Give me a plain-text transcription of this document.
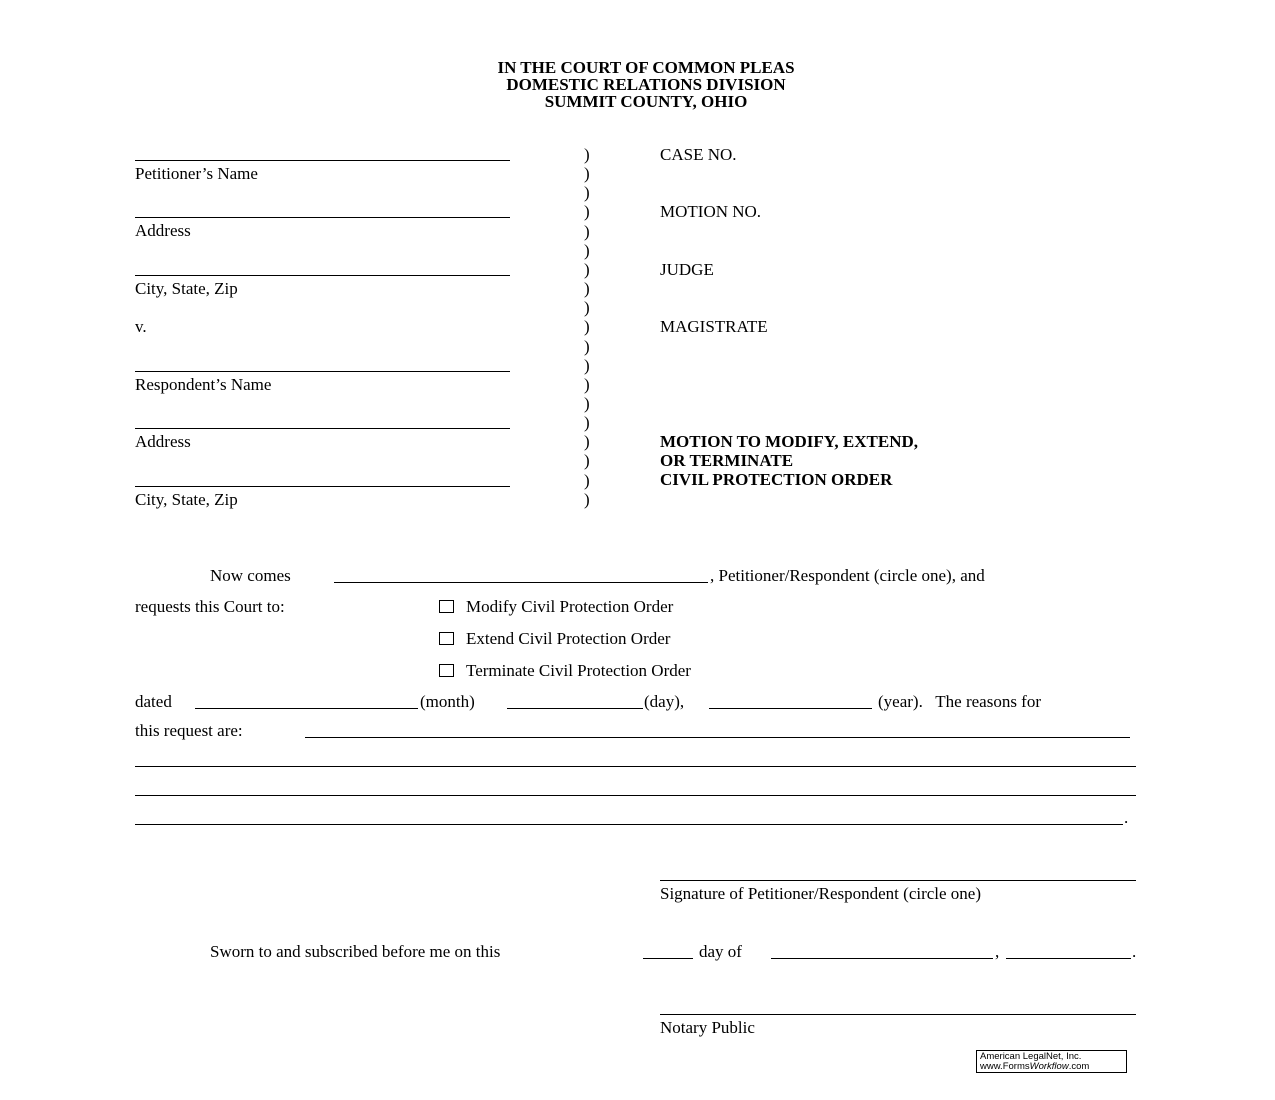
IN THE COURT OF COMMON PLEAS
DOMESTIC RELATIONS DIVISION
SUMMIT COUNTY, OHIO
Petitioner’s Name
Address
City, State, Zip
v.
Respondent’s Name
Address
City, State, Zip
)
)
)
)
)
)
)
)
)
)
)
)
)
)
)
)
)
)
)
CASE NO.
MOTION NO.
JUDGE
MAGISTRATE
MOTION TO MODIFY, EXTEND,
OR TERMINATE
CIVIL PROTECTION ORDER
Now comes	, Petitioner/Respondent (circle one), and
requests this Court to:	Modify Civil Protection Order
Extend Civil Protection Order
Terminate Civil Protection Order
dated	(month)	(day),	(year).   The reasons for
this request are:
.
Signature of Petitioner/Respondent (circle one)
Sworn to and subscribed before me on this	day of	,	.
Notary Public
American LegalNet, Inc.
www.FormsWorkflow.com
